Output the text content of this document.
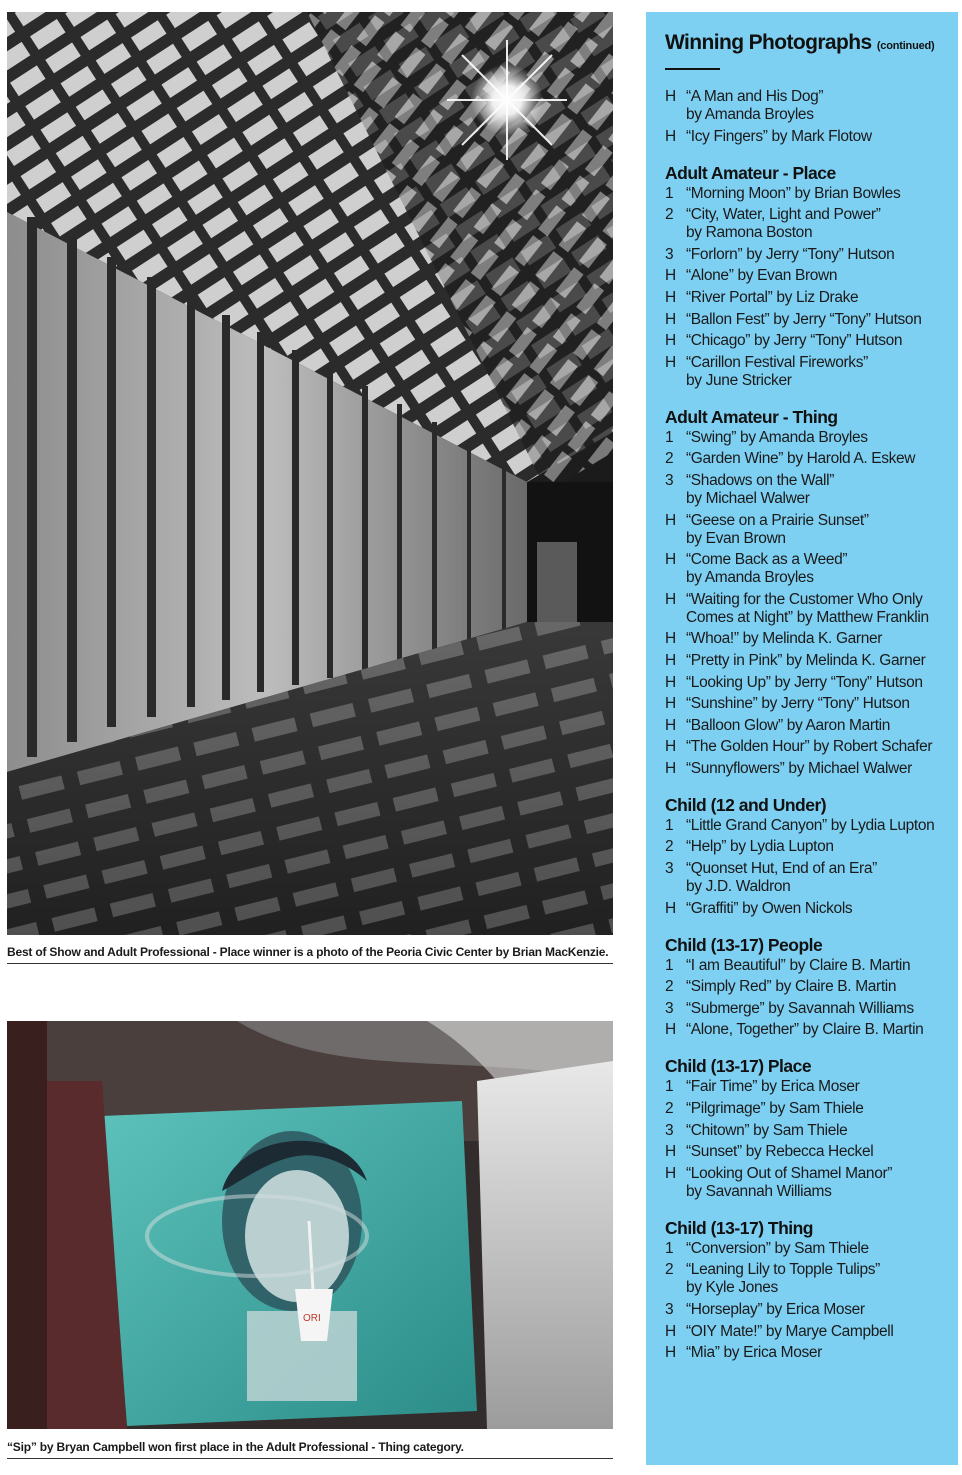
Best of Show and Adult Professional - Place winner is a photo of the Peoria Civic Center by Brian MacKenzie.
ORI
“Sip” by Bryan Campbell won first place in the Adult Professional - Thing category.
Winning Photographs (continued)
H “A Man and His Dog”
by Amanda Broyles
H “Icy Fingers” by Mark Flotow
Adult Amateur - Place
1 “Morning Moon” by Brian Bowles
2 “City, Water, Light and Power”
by Ramona Boston
3 “Forlorn” by Jerry “Tony” Hutson
H “Alone” by Evan Brown
H “River Portal” by Liz Drake
H “Ballon Fest” by Jerry “Tony” Hutson
H “Chicago” by Jerry “Tony” Hutson
H “Carillon Festival Fireworks”
by June Stricker
Adult Amateur - Thing
1 “Swing” by Amanda Broyles
2 “Garden Wine” by Harold A. Eskew
3 “Shadows on the Wall”
by Michael Walwer
H “Geese on a Prairie Sunset”
by Evan Brown
H “Come Back as a Weed”
by Amanda Broyles
H “Waiting for the Customer Who Only
Comes at Night” by Matthew Franklin
H “Whoa!” by Melinda K. Garner
H “Pretty in Pink” by Melinda K. Garner
H “Looking Up” by Jerry “Tony” Hutson
H “Sunshine” by Jerry “Tony” Hutson
H “Balloon Glow” by Aaron Martin
H “The Golden Hour” by Robert Schafer
H “Sunnyflowers” by Michael Walwer
Child (12 and Under)
1 “Little Grand Canyon” by Lydia Lupton
2 “Help” by Lydia Lupton
3 “Quonset Hut, End of an Era”
by J.D. Waldron
H “Graffiti” by Owen Nickols
Child (13-17) People
1 “I am Beautiful” by Claire B. Martin
2 “Simply Red” by Claire B. Martin
3 “Submerge” by Savannah Williams
H “Alone, Together” by Claire B. Martin
Child (13-17) Place
1 “Fair Time” by Erica Moser
2 “Pilgrimage” by Sam Thiele
3 “Chitown” by Sam Thiele
H “Sunset” by Rebecca Heckel
H “Looking Out of Shamel Manor”
by Savannah Williams
Child (13-17) Thing
1 “Conversion” by Sam Thiele
2 “Leaning Lily to Topple Tulips”
by Kyle Jones
3 “Horseplay” by Erica Moser
H “OIY Mate!” by Marye Campbell
H “Mia” by Erica Moser
